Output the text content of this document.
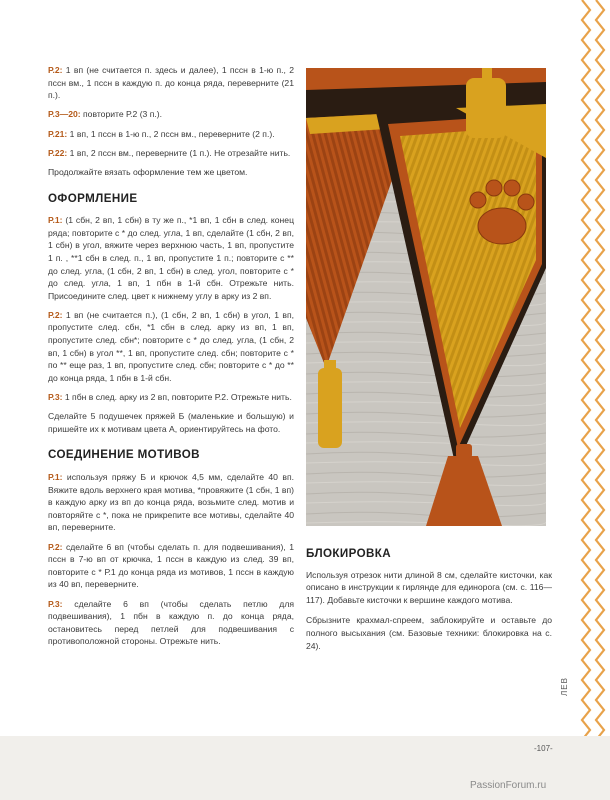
Р.2: 1 вп (не считается п. здесь и далее), 1 пссн в 1-ю п., 2 пссн вм., 1 пссн в каждую п. до конца ряда, переверните (21 п.).

Р.3—20: повторите Р.2 (3 п.).

Р.21: 1 вп, 1 пссн в 1-ю п., 2 пссн вм., переверните (2 п.).

Р.22: 1 вп, 2 пссн вм., переверните (1 п.). Не отрезайте нить.

Продолжайте вязать оформление тем же цветом.

ОФОРМЛЕНИЕ

Р.1: (1 сбн, 2 вп, 1 сбн) в ту же п., *1 вп, 1 сбн в след. конец ряда; повторите с * до след. угла, 1 вп, сделайте (1 сбн, 2 вп, 1 сбн) в угол, вяжите через верхнюю часть, 1 вп, пропустите 1 п. , **1 сбн в след. п., 1 вп, пропустите 1 п.; повторите с ** до след. угла, (1 сбн, 2 вп, 1 сбн) в след. угол, повторите с * до след. угла, 1 вп, 1 пбн в 1-й сбн. Отрежьте нить. Присоедините след. цвет к нижнему углу в арку из 2 вп.

Р.2: 1 вп (не считается п.), (1 сбн, 2 вп, 1 сбн) в угол, 1 вп, пропустите след. сбн, *1 сбн в след. арку из вп, 1 вп, пропустите след. сбн*; повторите с * до след. угла, (1 сбн, 2 вп, 1 сбн) в угол **, 1 вп, пропустите след. сбн; повторите с * по ** еще раз, 1 вп, пропустите след. сбн; повторите с * до ** до конца ряда, 1 пбн в 1-й сбн.

Р.3: 1 пбн в след. арку из 2 вп, повторите Р.2. Отрежьте нить.

Сделайте 5 подушечек пряжей Б (маленькие и большую) и пришейте их к мотивам цвета А, ориентируйтесь на фото.

СОЕДИНЕНИЕ МОТИВОВ

Р.1: используя пряжу Б и крючок 4,5 мм, сделайте 40 вп. Вяжите вдоль верхнего края мотива, *провяжите (1 сбн, 1 вп) в каждую арку из вп до конца ряда, возьмите след. мотив и повторяйте с *, пока не прикрепите все мотивы, сделайте 40 вп, переверните.

Р.2: сделайте 6 вп (чтобы сделать п. для подвешивания), 1 пссн в 7-ю вп от крючка, 1 пссн в каждую из след. 39 вп, повторите с * Р.1 до конца ряда из мотивов, 1 пссн в каждую из 40 вп, переверните.

Р.3: сделайте 6 вп (чтобы сделать петлю для подвешивания), 1 пбн в каждую п. до конца ряда, остановитесь перед петлей для подвешивания с противоположной стороны. Отрежьте нить.

БЛОКИРОВКА

Используя отрезок нити длиной 8 см, сделайте кисточки, как описано в инструкции к гирлянде для единорога (см. с. 116—117). Добавьте кисточки к вершине каждого мотива.

Сбрызните крахмал-спреем, заблокируйте и оставьте до полного высыхания (см. Базовые техники: блокировка на с. 24).

ЛЕВ
-107-
PassionForum.ru
